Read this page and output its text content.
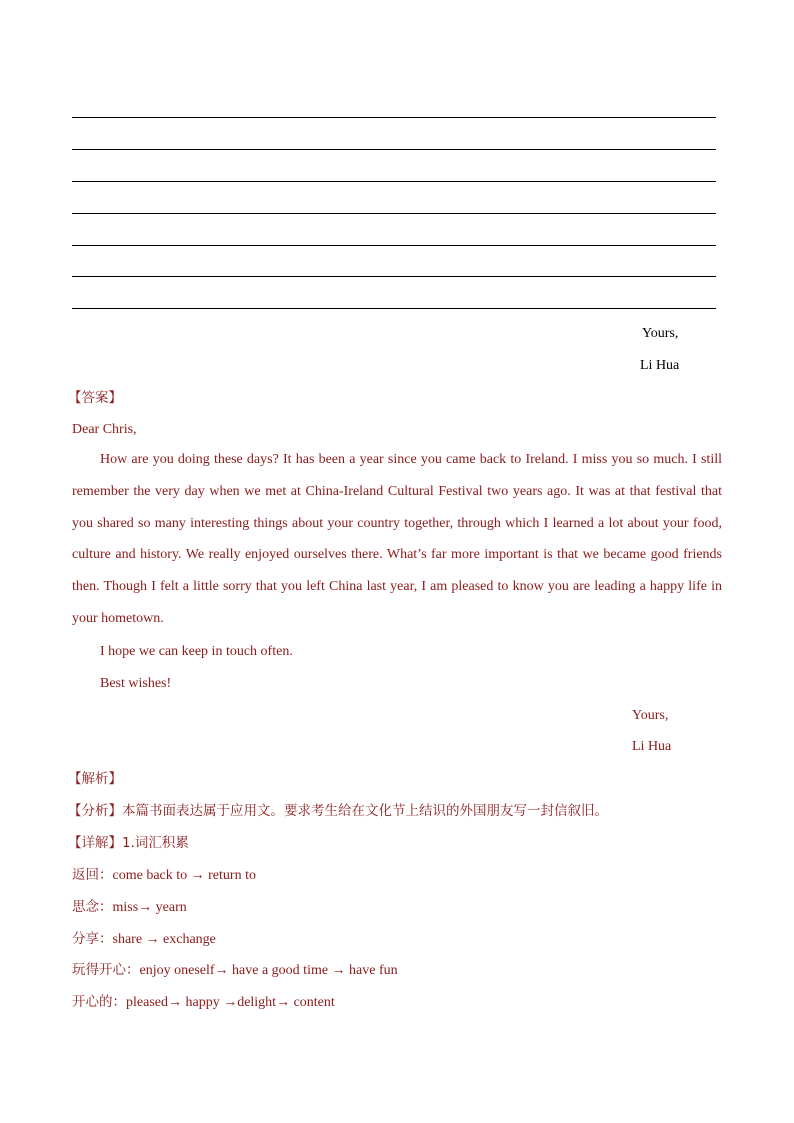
Yours,
Li Hua
【答案】
Dear Chris,
How are you doing these days? It has been a year since you came back to Ireland. I miss you so much. I still remember the very day when we met at China-Ireland Cultural Festival two years ago. It was at that festival that you shared so many interesting things about your country together, through which I learned a lot about your food, culture and history. We really enjoyed ourselves there. What’s far more important is that we became good friends then. Though I felt a little sorry that you left China last year, I am pleased to know you are leading a happy life in your hometown.
I hope we can keep in touch often.
Best wishes!
Yours,
Li Hua
【解析】
【分析】本篇书面表达属于应用文。要求考生给在文化节上结识的外国朋友写一封信叙旧。
【详解】1.词汇积累
返回：come back to → return to
思念：miss→ yearn
分享：share → exchange
玩得开心：enjoy oneself→ have a good time → have fun
开心的：pleased→ happy →delight→ content
